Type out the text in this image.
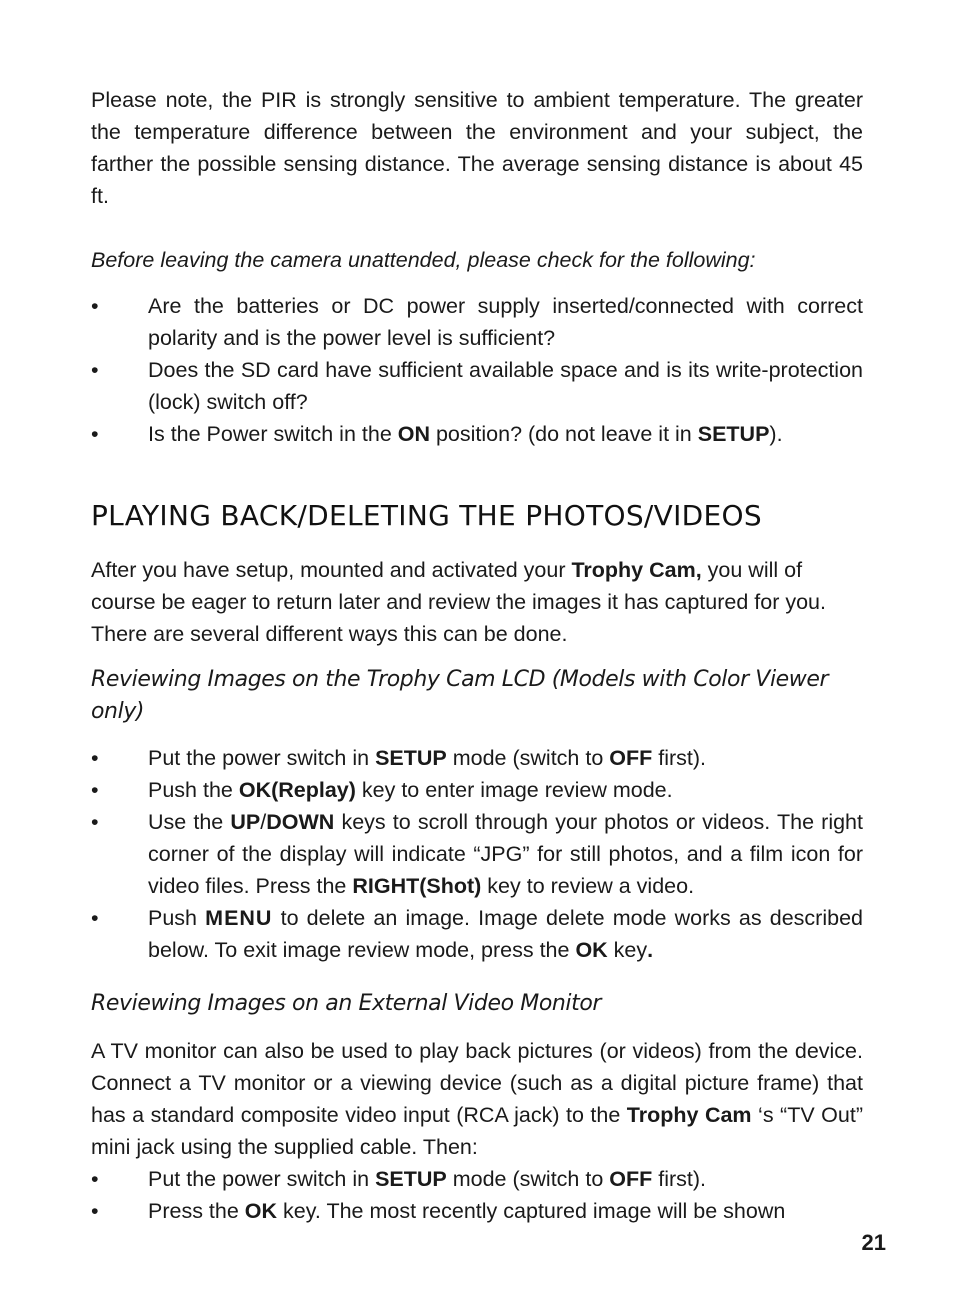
Please note, the PIR is strongly sensitive to ambient temperature. The greater the temperature difference between the environment and your subject, the farther the possible sensing distance. The average sensing distance is about 45 ft.

Before leaving the camera unattended, please check for the following:

• Are the batteries or DC power supply inserted/connected with correct polarity and is the power level is sufficient?
• Does the SD card have sufficient available space and is its write-protection (lock) switch off?
• Is the Power switch in the ON position? (do not leave it in SETUP).
PLAYING BACK/DELETING THE PHOTOS/VIDEOS

After you have setup, mounted and activated your Trophy Cam, you will of course be eager to return later and review the images it has captured for you. There are several different ways this can be done.

Reviewing Images on the Trophy Cam LCD (Models with Color Viewer only)

• Put the power switch in SETUP mode (switch to OFF first).
• Push the OK(Replay) key to enter image review mode.
• Use the UP/DOWN keys to scroll through your photos or videos. The right corner of the display will indicate “JPG” for still photos, and a film icon for video files. Press the RIGHT(Shot) key to review a video.
• Push MENU to delete an image. Image delete mode works as described below. To exit image review mode, press the OK key.

Reviewing Images on an External Video Monitor

A TV monitor can also be used to play back pictures (or videos) from the device. Connect a TV monitor or a viewing device (such as a digital picture frame) that has a standard composite video input (RCA jack) to the Trophy Cam ‘s “TV Out” mini jack using the supplied cable. Then:

• Put the power switch in SETUP mode (switch to OFF first).
• Press the OK key. The most recently captured image will be shown
21
